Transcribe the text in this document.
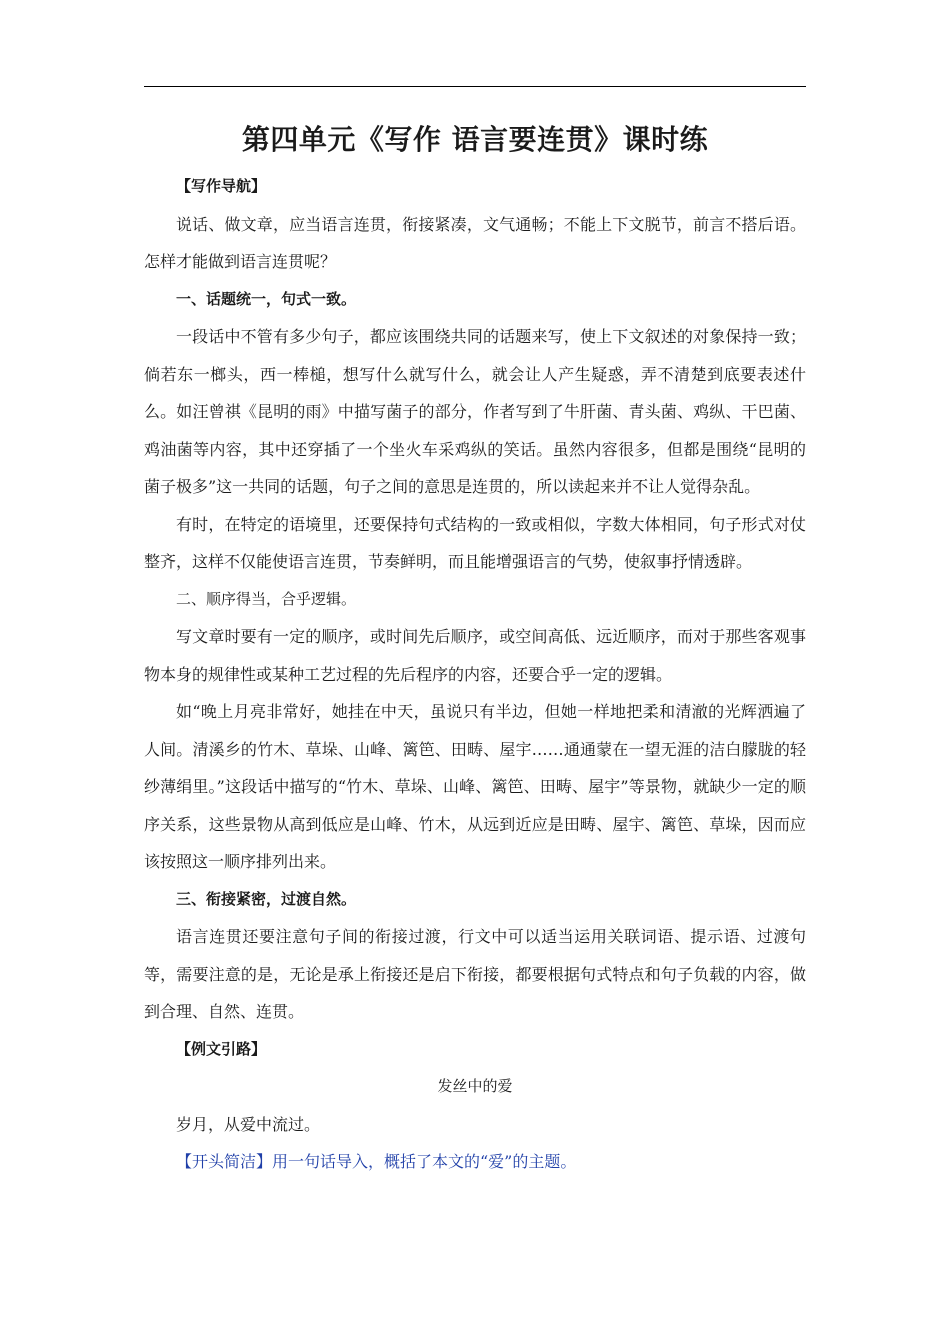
第四单元《写作 语言要连贯》课时练

【写作导航】

说话、做文章，应当语言连贯，衔接紧凑，文气通畅；不能上下文脱节，前言不搭后语。怎样才能做到语言连贯呢？

一、话题统一，句式一致。

一段话中不管有多少句子，都应该围绕共同的话题来写，使上下文叙述的对象保持一致；倘若东一榔头，西一棒槌，想写什么就写什么，就会让人产生疑惑，弄不清楚到底要表述什么。如汪曾祺《昆明的雨》中描写菌子的部分，作者写到了牛肝菌、青头菌、鸡纵、干巴菌、鸡油菌等内容，其中还穿插了一个坐火车采鸡纵的笑话。虽然内容很多，但都是围绕“昆明的菌子极多”这一共同的话题，句子之间的意思是连贯的，所以读起来并不让人觉得杂乱。

有时，在特定的语境里，还要保持句式结构的一致或相似，字数大体相同，句子形式对仗整齐，这样不仅能使语言连贯，节奏鲜明，而且能增强语言的气势，使叙事抒情透辟。

二、顺序得当，合乎逻辑。

写文章时要有一定的顺序，或时间先后顺序，或空间高低、远近顺序，而对于那些客观事物本身的规律性或某种工艺过程的先后程序的内容，还要合乎一定的逻辑。

如“晚上月亮非常好，她挂在中天，虽说只有半边，但她一样地把柔和清澈的光辉洒遍了人间。清溪乡的竹木、草垛、山峰、篱笆、田畴、屋宇……通通蒙在一望无涯的洁白朦胧的轻纱薄绢里。”这段话中描写的“竹木、草垛、山峰、篱笆、田畴、屋宇”等景物，就缺少一定的顺序关系，这些景物从高到低应是山峰、竹木，从远到近应是田畴、屋宇、篱笆、草垛，因而应该按照这一顺序排列出来。

三、衔接紧密，过渡自然。

语言连贯还要注意句子间的衔接过渡，行文中可以适当运用关联词语、提示语、过渡句等，需要注意的是，无论是承上衔接还是启下衔接，都要根据句式特点和句子负载的内容，做到合理、自然、连贯。

【例文引路】

发丝中的爱

岁月，从爱中流过。

【开头简洁】用一句话导入，概括了本文的“爱”的主题。
